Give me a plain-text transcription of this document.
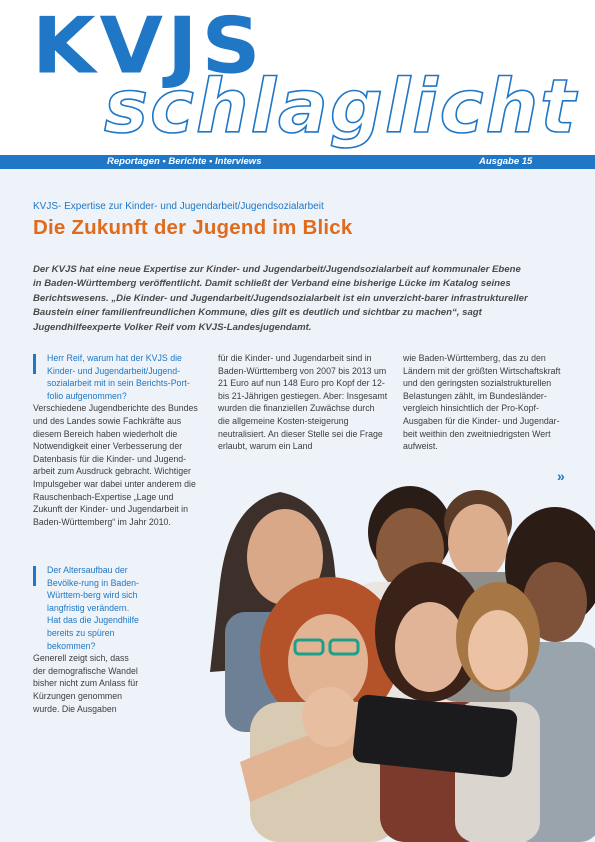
KVJS
schlaglicht
Reportagen • Berichte • Interviews	Ausgabe 15
KVJS- Expertise zur Kinder- und Jugendarbeit/Jugendsozialarbeit
Die Zukunft der Jugend im Blick
Der KVJS hat eine neue Expertise zur Kinder- und Jugendarbeit/Jugendsozialarbeit auf kommunaler Ebene in Baden-Württemberg veröffentlicht. Damit schließt der Verband eine bisherige Lücke im Katalog seines Berichtswesens. „Die Kinder- und Jugendarbeit/Jugendsozialarbeit ist ein unverzicht-barer infrastruktureller Baustein einer familienfreundlichen Kommune, dies gilt es deutlich und sichtbar zu machen“, sagt Jugendhilfeexperte Volker Reif vom KVJS-Landesjugendamt.

Herr Reif, warum hat der KVJS die Kinder- und Jugendarbeit/Jugend-sozialarbeit mit in sein Berichts-Port-folio aufgenommen?

Verschiedene Jugendberichte des Bundes und des Landes sowie Fachkräfte aus diesem Bereich haben wiederholt die Notwendigkeit einer Verbesserung der Datenbasis für die Kinder- und Jugend-arbeit zum Ausdruck gebracht. Wichtiger Impulsgeber war dabei unter anderem die Rauschenbach-Expertise „Lage und Zukunft der Kinder- und Jugendarbeit in Baden-Württemberg“ im Jahr 2010.

Der Altersaufbau der Bevölke-rung in Baden-Württem-berg wird sich langfristig verändern. Hat das die Jugendhilfe bereits zu spüren bekommen?

Generell zeigt sich, dass der demografische Wandel bisher nicht zum Anlass für Kürzungen genommen wurde. Die Ausgaben

für die Kinder- und Jugendarbeit sind in Baden-Württemberg von 2007 bis 2013 um 21 Euro auf nun 148 Euro pro Kopf der 12- bis 21-Jährigen gestiegen. Aber: Insgesamt wurden die finanziellen Zuwächse durch die allgemeine Kosten-steigerung neutralisiert. An dieser Stelle sei die Frage erlaubt, warum ein Land

wie Baden-Württemberg, das zu den Ländern mit der größten Wirtschaftskraft und den geringsten sozialstrukturellen Belastungen zählt, im Bundesländer-vergleich hinsichtlich der Pro-Kopf-Ausgaben für die Kinder- und Jugendar-beit weithin den zweitniedrigsten Wert aufweist.

»
